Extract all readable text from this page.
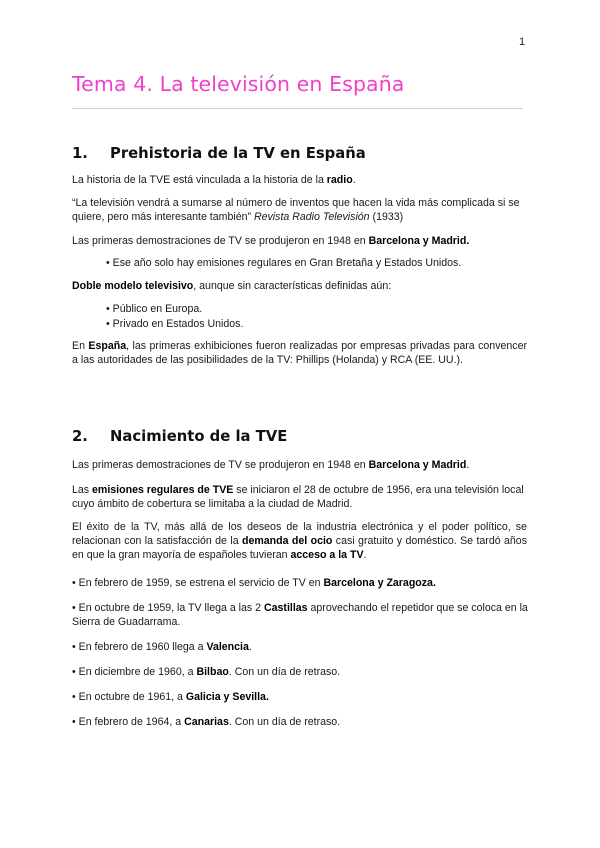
1
Tema 4. La televisión en España
1. Prehistoria de la TV en España
La historia de la TVE está vinculada a la historia de la radio.
“La televisión vendrá a sumarse al número de inventos que hacen la vida más complicada si se quiere, pero más interesante también” Revista Radio Televisión (1933)
Las primeras demostraciones de TV se produjeron en 1948 en Barcelona y Madrid.
• Ese año solo hay emisiones regulares en Gran Bretaña y Estados Unidos.
Doble modelo televisivo, aunque sin características definidas aún:
• Público en Europa.
• Privado en Estados Unidos.
En España, las primeras exhibiciones fueron realizadas por empresas privadas para convencer a las autoridades de las posibilidades de la TV: Phillips (Holanda) y RCA (EE. UU.).
2. Nacimiento de la TVE
Las primeras demostraciones de TV se produjeron en 1948 en Barcelona y Madrid.
Las emisiones regulares de TVE se iniciaron el 28 de octubre de 1956, era una televisión local cuyo ámbito de cobertura se limitaba a la ciudad de Madrid.
El éxito de la TV, más allá de los deseos de la industria electrónica y el poder político, se relacionan con la satisfacción de la demanda del ocio casi gratuito y doméstico. Se tardó años en que la gran mayoría de españoles tuvieran acceso a la TV.
• En febrero de 1959, se estrena el servicio de TV en Barcelona y Zaragoza.
• En octubre de 1959, la TV llega a las 2 Castillas aprovechando el repetidor que se coloca en la Sierra de Guadarrama.
• En febrero de 1960 llega a Valencia.
• En diciembre de 1960, a Bilbao. Con un día de retraso.
• En octubre de 1961, a Galicia y Sevilla.
• En febrero de 1964, a Canarias. Con un día de retraso.
